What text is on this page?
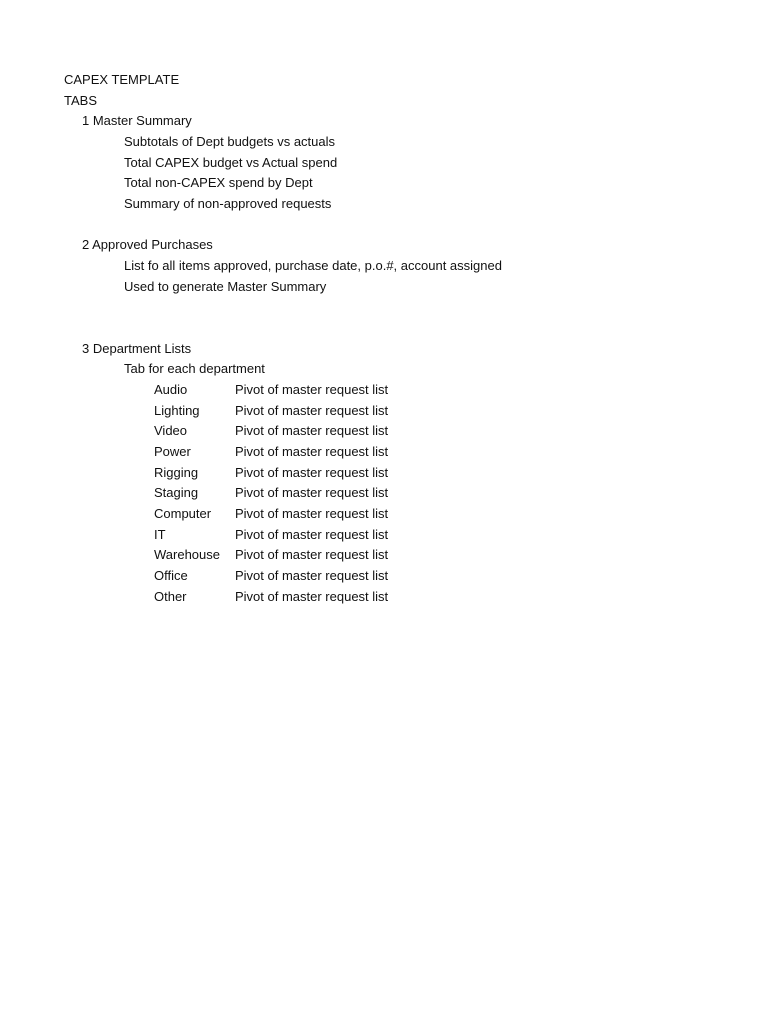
CAPEX TEMPLATE
TABS
1 Master Summary
Subtotals of Dept budgets vs actuals
Total CAPEX budget vs Actual spend
Total non-CAPEX spend by Dept
Summary of non-approved requests
2 Approved Purchases
List fo all items approved, purchase date, p.o.#, account assigned
Used to generate Master Summary
3 Department Lists
Tab for each department
Audio	Pivot of master request list
Lighting	Pivot of master request list
Video	Pivot of master request list
Power	Pivot of master request list
Rigging	Pivot of master request list
Staging	Pivot of master request list
Computer Pivot of master request list
IT	Pivot of master request list
Warehouse Pivot of master request list
Office	Pivot of master request list
Other	Pivot of master request list
